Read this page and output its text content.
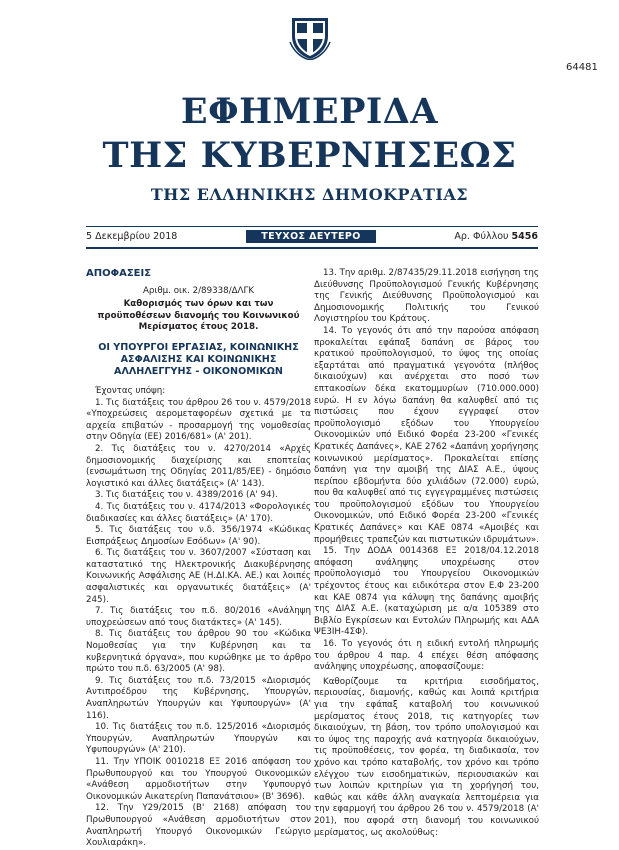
64481
ΕΦΗΜΕΡΙΔΑ
ΤΗΣ ΚΥΒΕΡΝΗΣΕΩΣ
ΤΗΣ ΕΛΛΗΝΙΚΗΣ ΔΗΜΟΚΡΑΤΙΑΣ
5 Δεκεμβρίου 2018	ΤΕΥΧΟΣ ΔΕΥΤΕΡΟ	Αρ. Φύλλου 5456

ΑΠΟΦΑΣΕΙΣ

Αριθμ. οικ. 2/89338/ΔΛΓΚ

Καθορισμός των όρων και των προϋποθέσεων διανομής του Κοινωνικού Μερίσματος έτους 2018.

ΟΙ ΥΠΟΥΡΓΟΙ ΕΡΓΑΣΙΑΣ, ΚΟΙΝΩΝΙΚΗΣ ΑΣΦΑΛΙΣΗΣ ΚΑΙ ΚΟΙΝΩΝΙΚΗΣ ΑΛΛΗΛΕΓΓΥΗΣ - ΟΙΚΟΝΟΜΙΚΩΝ

Έχοντας υπόψη:

1. Τις διατάξεις του άρθρου 26 του ν. 4579/2018 «Υποχρεώσεις αερομεταφορέων σχετικά με τα αρχεία επιβατών - προσαρμογή της νομοθεσίας στην Οδηγία (ΕΕ) 2016/681» (Α' 201).

2. Τις διατάξεις του ν. 4270/2014 «Αρχές δημοσιονομικής διαχείρισης και εποπτείας (ενσωμάτωση της Οδηγίας 2011/85/ΕΕ) - δημόσιο λογιστικό και άλλες διατάξεις» (Α' 143).

3. Τις διατάξεις του ν. 4389/2016 (Α' 94).

4. Τις διατάξεις του ν. 4174/2013 «Φορολογικές διαδικασίες και άλλες διατάξεις» (Α' 170).

5. Τις διατάξεις του ν.δ. 356/1974 «Κώδικας Εισπράξεως Δημοσίων Εσόδων» (Α' 90).

6. Τις διατάξεις του ν. 3607/2007 «Σύσταση και καταστατικό της Ηλεκτρονικής Διακυβέρνησης Κοινωνικής Ασφάλισης ΑΕ (Η.ΔΙ.ΚΑ. ΑΕ.) και λοιπές ασφαλιστικές και οργανωτικές διατάξεις» (Α' 245).

7. Τις διατάξεις του π.δ. 80/2016 «Ανάληψη υποχρεώσεων από τους διατάκτες» (Α' 145).

8. Τις διατάξεις του άρθρου 90 του «Κώδικα Νομοθεσίας για την Κυβέρνηση και τα κυβερνητικά όργανα», που κυρώθηκε με το άρθρο πρώτο του π.δ. 63/2005 (Α' 98).

9. Τις διατάξεις του π.δ. 73/2015 «Διορισμός Αντιπροέδρου της Κυβέρνησης, Υπουργών, Αναπληρωτών Υπουργών και Υφυπουργών» (Α' 116).

10. Τις διατάξεις του π.δ. 125/2016 «Διορισμός Υπουργών, Αναπληρωτών Υπουργών και Υφυπουργών» (Α' 210).

11. Την ΥΠΟΙΚ 0010218 ΕΞ 2016 απόφαση του Πρωθυπουργού και του Υπουργού Οικονομικών «Ανάθεση αρμοδιοτήτων στην Υφυπουργό Οικονομικών Αικατερίνη Παπανάτσιου» (Β' 3696).

12. Την Υ29/2015 (Β' 2168) απόφαση του Πρωθυπουργού «Ανάθεση αρμοδιοτήτων στον Αναπληρωτή Υπουργό Οικονομικών Γεώργιο Χουλιαράκη».

13. Την αριθμ. 2/87435/29.11.2018 εισήγηση της Διεύθυνσης Προϋπολογισμού Γενικής Κυβέρνησης της Γενικής Διεύθυνσης Προϋπολογισμού και Δημοσιονομικής Πολιτικής του Γενικού Λογιστηρίου του Κράτους.

14. Το γεγονός ότι από την παρούσα απόφαση προκαλείται εφάπαξ δαπάνη σε βάρος του κρατικού προϋπολογισμού, το ύψος της οποίας εξαρτάται από πραγματικά γεγονότα (πλήθος δικαιούχων) και ανέρχεται στο ποσό των επτακοσίων δέκα εκατομμυρίων (710.000.000) ευρώ. Η εν λόγω δαπάνη θα καλυφθεί από τις πιστώσεις που έχουν εγγραφεί στον προϋπολογισμό εξόδων του Υπουργείου Οικονομικών υπό Ειδικό Φορέα 23-200 «Γενικές Κρατικές Δαπάνες», ΚΑΕ 2762 «Δαπάνη χορήγησης κοινωνικού μερίσματος». Προκαλείται επίσης δαπάνη για την αμοιβή της ΔΙΑΣ Α.Ε., ύψους περίπου εβδομήντα δύο χιλιάδων (72.000) ευρώ, που θα καλυφθεί από τις εγγεγραμμένες πιστώσεις του προϋπολογισμού εξόδων του Υπουργείου Οικονομικών, υπό Ειδικό Φορέα 23-200 «Γενικές Κρατικές Δαπάνες» και ΚΑΕ 0874 «Αμοιβές και προμήθειες τραπεζών και πιστωτικών ιδρυμάτων».

15. Την ΔΟΔΑ 0014368 ΕΞ 2018/04.12.2018 απόφαση ανάληψης υποχρέωσης στον προϋπολογισμό του Υπουργείου Οικονομικών τρέχοντος έτους και ειδικότερα στον Ε.Φ 23-200 και ΚΑΕ 0874 για κάλυψη της δαπάνης αμοιβής της ΔΙΑΣ Α.Ε. (καταχώριση με α/α 105389 στο Βιβλίο Εγκρίσεων και Εντολών Πληρωμής και ΑΔΑ ΨΕ3ΙΗ-4ΣΦ).

16. Το γεγονός ότι η ειδική εντολή πληρωμής του άρθρου 4 παρ. 4 επέχει θέση απόφασης ανάληψης υποχρέωσης, αποφασίζουμε:

Καθορίζουμε τα κριτήρια εισοδήματος, περιουσίας, διαμονής, καθώς και λοιπά κριτήρια για την εφάπαξ καταβολή του κοινωνικού μερίσματος έτους 2018, τις κατηγορίες των δικαιούχων, τη βάση, τον τρόπο υπολογισμού και το ύψος της παροχής ανά κατηγορία δικαιούχων, τις προϋποθέσεις, τον φορέα, τη διαδικασία, τον χρόνο και τρόπο καταβολής, τον χρόνο και τρόπο ελέγχου των εισοδηματικών, περιουσιακών και των λοιπών κριτηρίων για τη χορήγησή του, καθώς και κάθε άλλη αναγκαία λεπτομέρεια για την εφαρμογή του άρθρου 26 του ν. 4579/2018 (Α' 201), που αφορά στη διανομή του κοινωνικού μερίσματος, ως ακολούθως:
